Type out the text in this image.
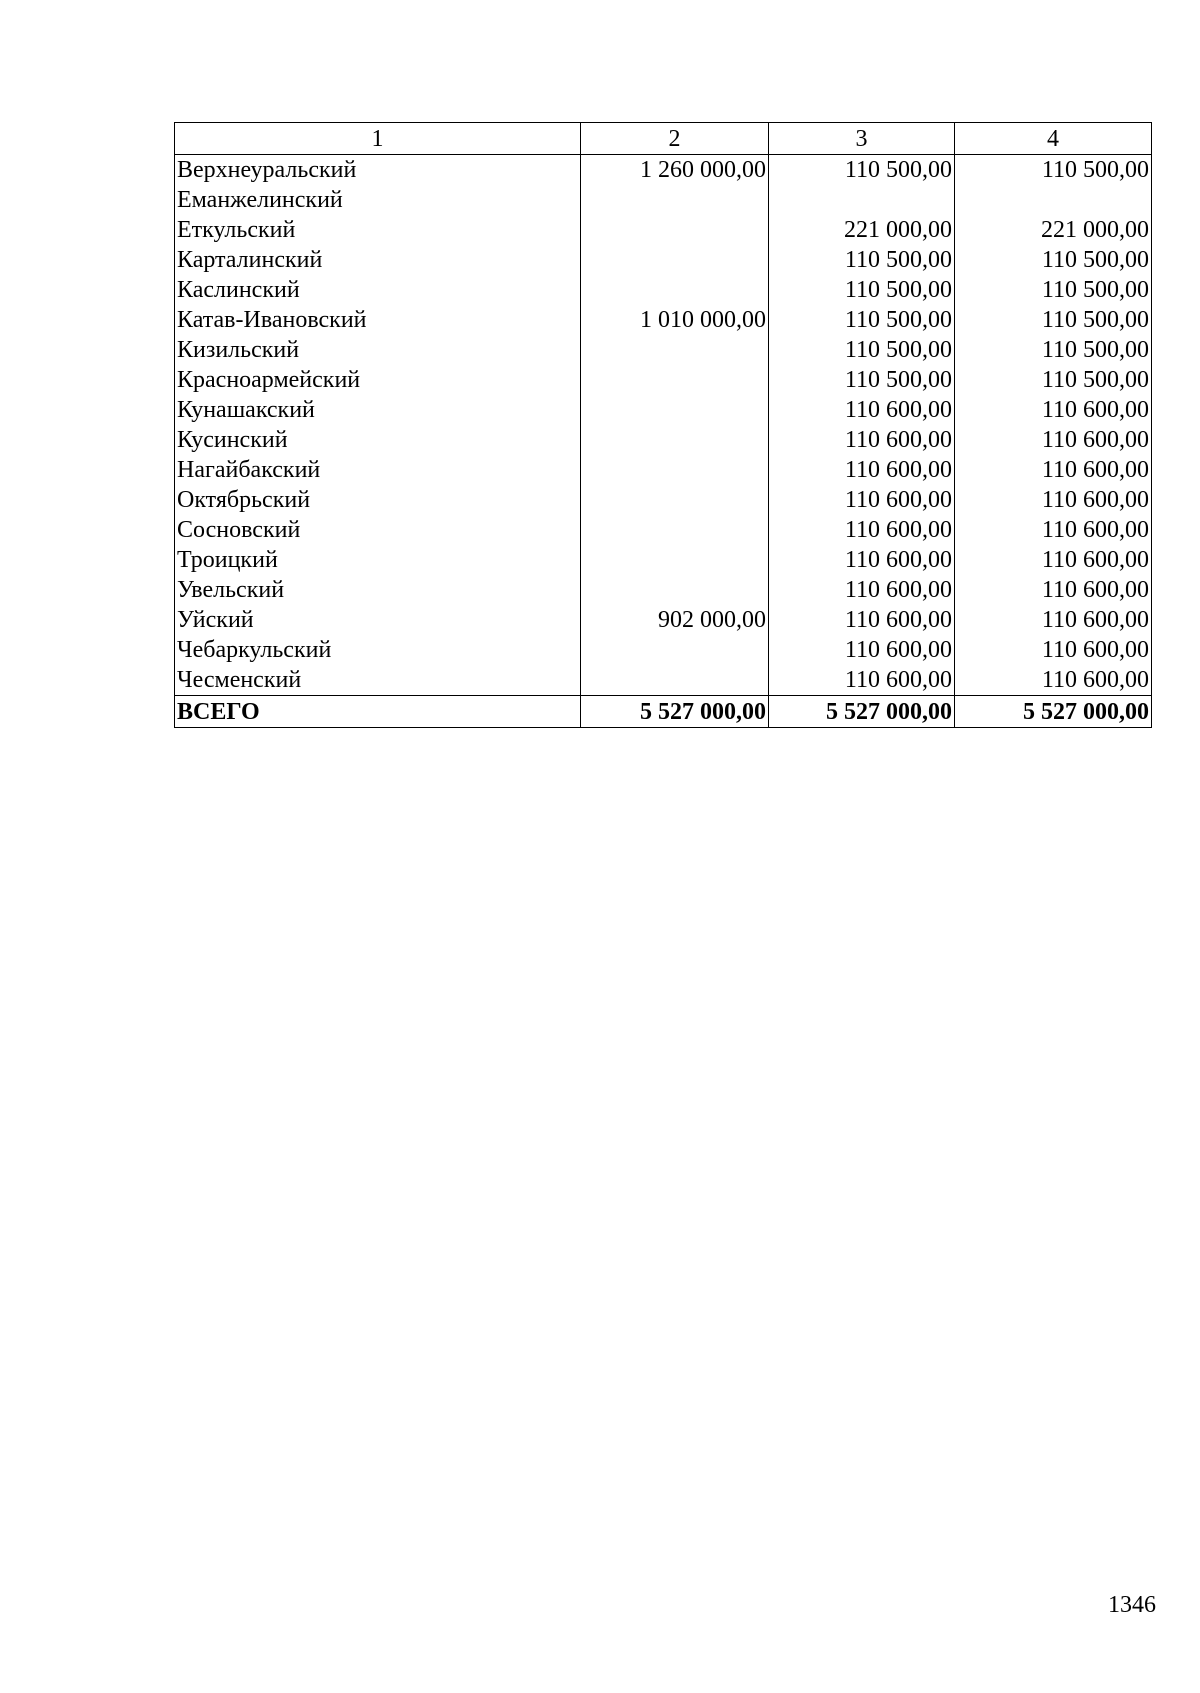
1	2	3	4
Верхнеуральский	1 260 000,00	110 500,00	110 500,00
Еманжелинский			
Еткульский		221 000,00	221 000,00
Карталинский		110 500,00	110 500,00
Каслинский		110 500,00	110 500,00
Катав-Ивановский	1 010 000,00	110 500,00	110 500,00
Кизильский		110 500,00	110 500,00
Красноармейский		110 500,00	110 500,00
Кунашакский		110 600,00	110 600,00
Кусинский		110 600,00	110 600,00
Нагайбакский		110 600,00	110 600,00
Октябрьский		110 600,00	110 600,00
Сосновский		110 600,00	110 600,00
Троицкий		110 600,00	110 600,00
Увельский		110 600,00	110 600,00
Уйский	902 000,00	110 600,00	110 600,00
Чебаркульский		110 600,00	110 600,00
Чесменский		110 600,00	110 600,00
ВСЕГО	5 527 000,00	5 527 000,00	5 527 000,00
1346
